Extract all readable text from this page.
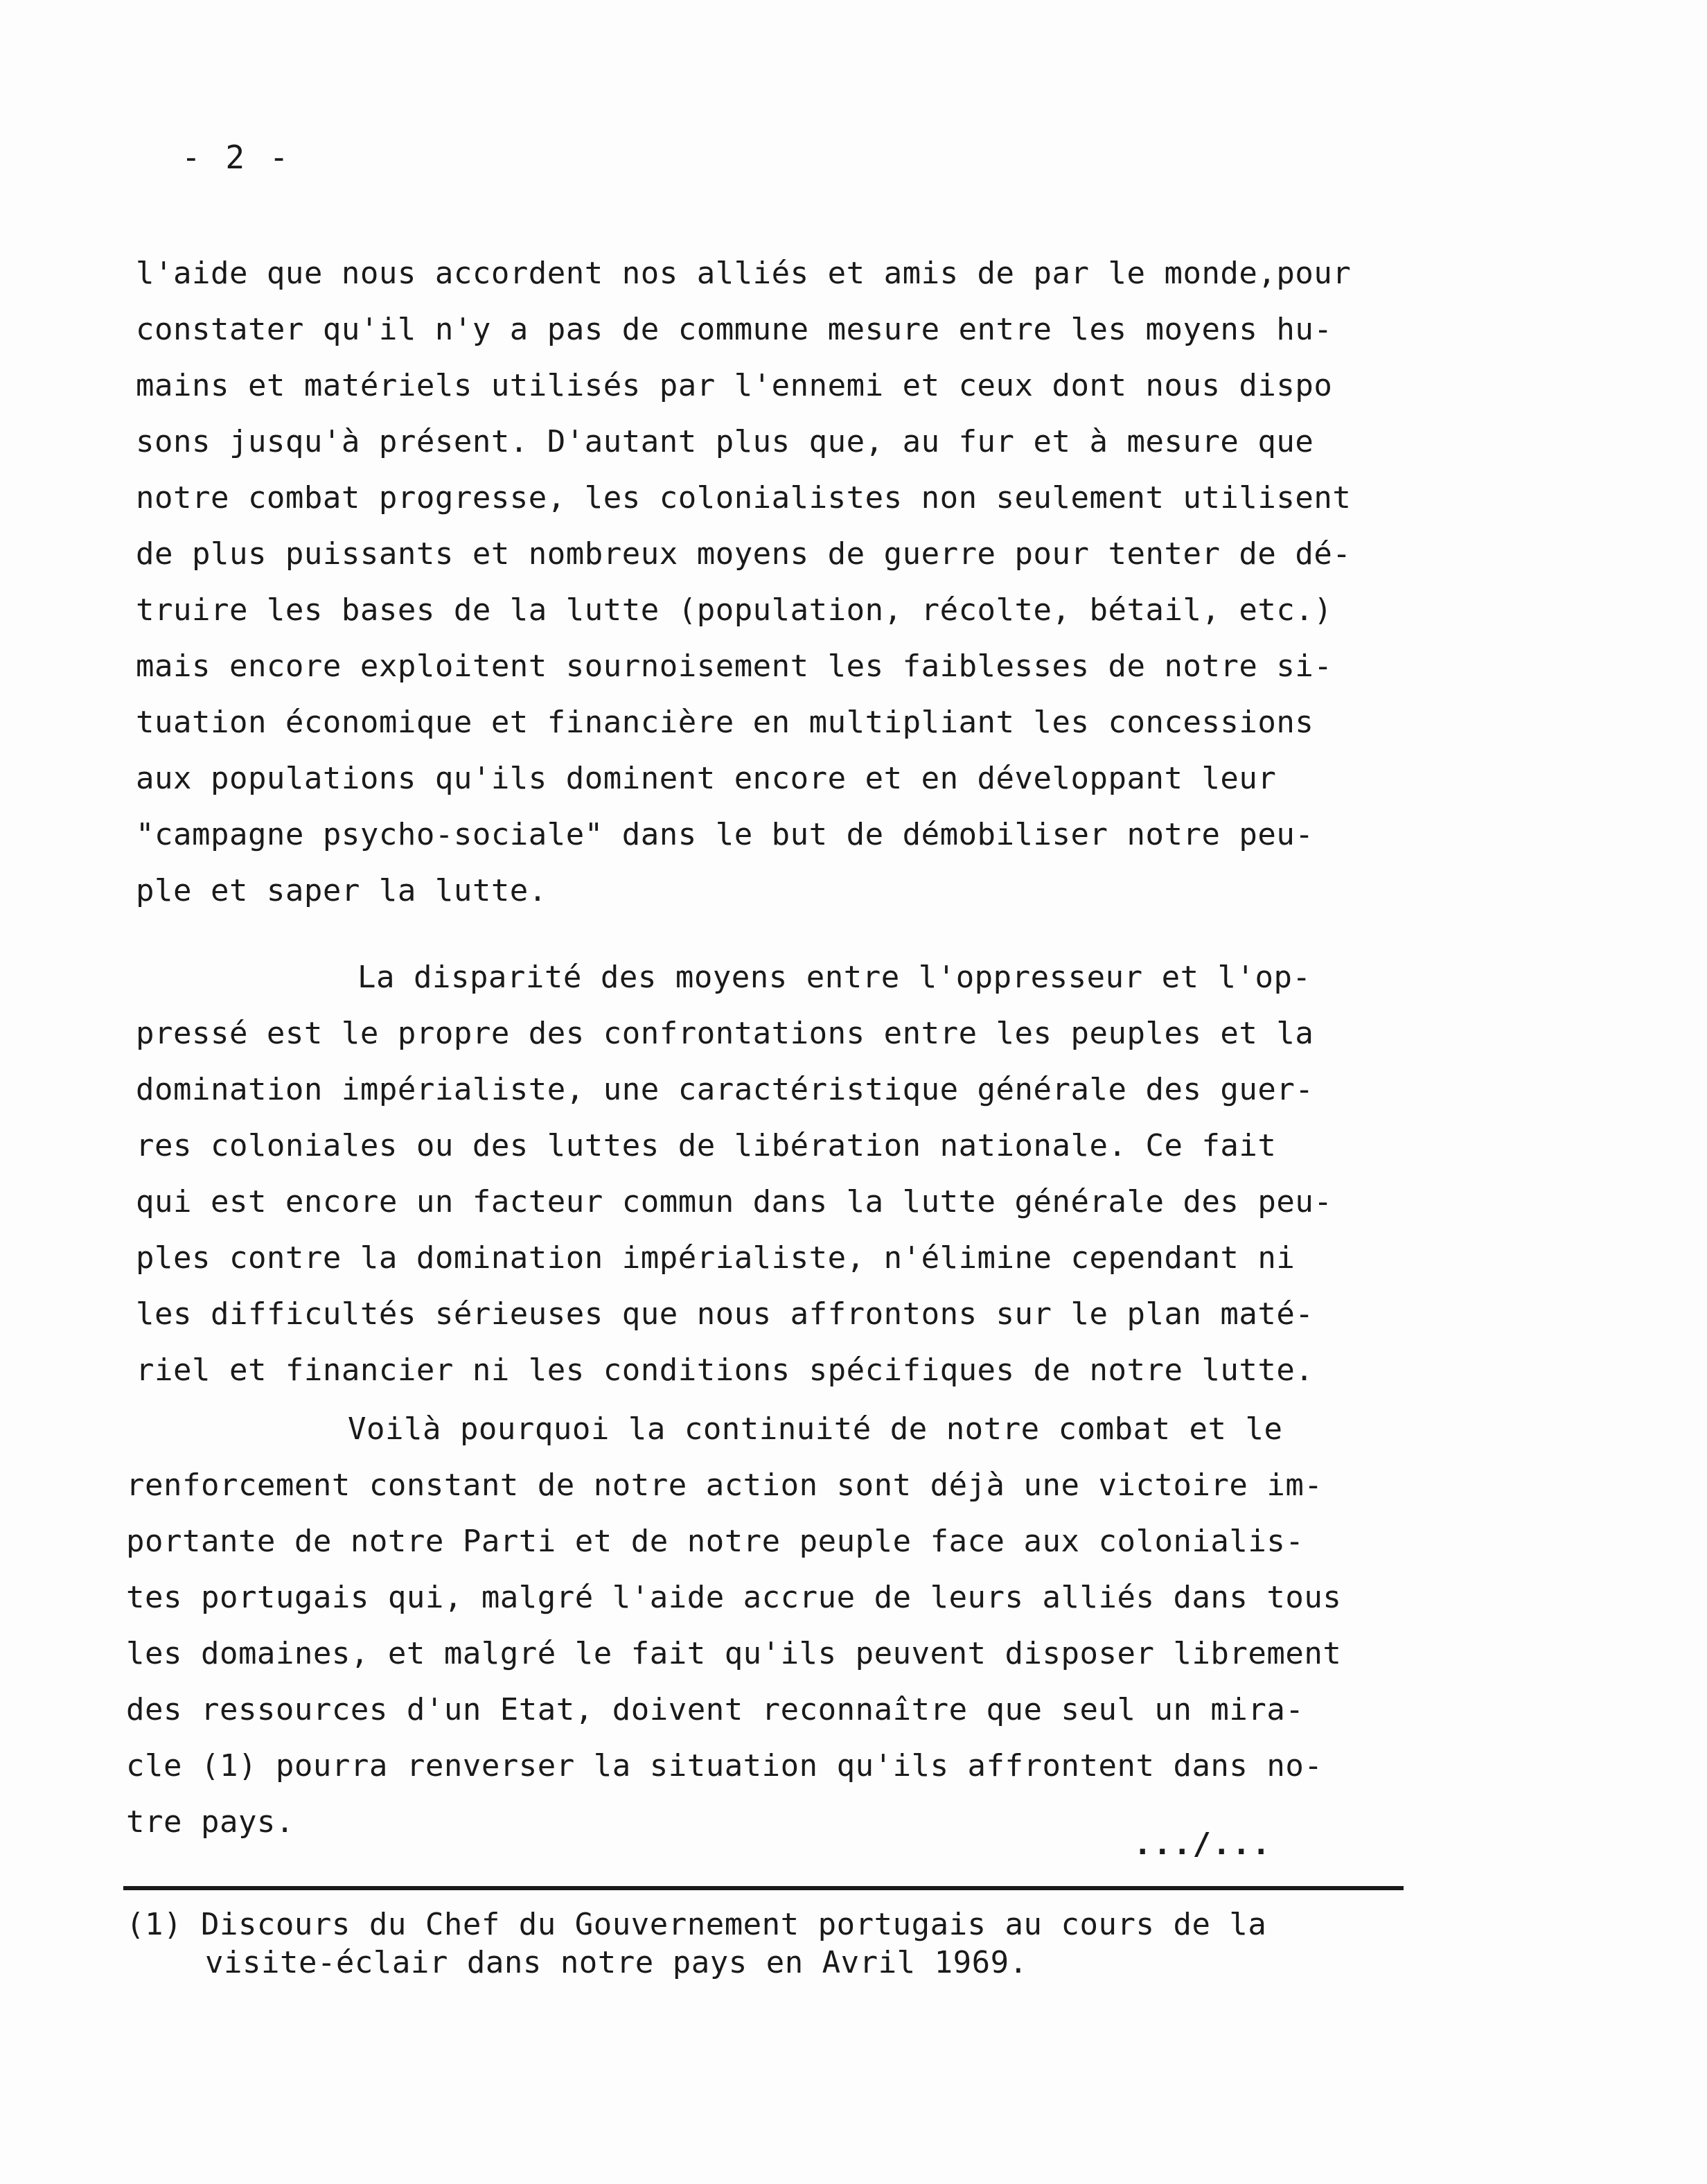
- 2 -
l'aide que nous accordent nos alliés et amis de par le monde,pour
constater qu'il n'y a pas de commune mesure entre les moyens hu-
mains et matériels utilisés par l'ennemi et ceux dont nous dispo
sons jusqu'à présent. D'autant plus que, au fur et à mesure que
notre combat progresse, les colonialistes non seulement utilisent
de plus puissants et nombreux moyens de guerre pour tenter de dé-
truire les bases de la lutte (population, récolte, bétail, etc.)
mais encore exploitent sournoisement les faiblesses de notre si-
tuation économique et financière en multipliant les concessions
aux populations qu'ils dominent encore et en développant leur
"campagne psycho-sociale" dans le but de démobiliser notre peu-
ple et saper la lutte.
La disparité des moyens entre l'oppresseur et l'op-
pressé est le propre des confrontations entre les peuples et la
domination impérialiste, une caractéristique générale des guer-
res coloniales ou des luttes de libération nationale. Ce fait
qui est encore un facteur commun dans la lutte générale des peu-
ples contre la domination impérialiste, n'élimine cependant ni
les difficultés sérieuses que nous affrontons sur le plan maté-
riel et financier ni les conditions spécifiques de notre lutte.
Voilà pourquoi la continuité de notre combat et le
renforcement constant de notre action sont déjà une victoire im-
portante de notre Parti et de notre peuple face aux colonialis-
tes portugais qui, malgré l'aide accrue de leurs alliés dans tous
les domaines, et malgré le fait qu'ils peuvent disposer librement
des ressources d'un Etat, doivent reconnaître que seul un mira-
cle (1) pourra renverser la situation qu'ils affrontent dans no-
tre pays.
.../...
(1) Discours du Chef du Gouvernement portugais au cours de la
visite-éclair dans notre pays en Avril 1969.
